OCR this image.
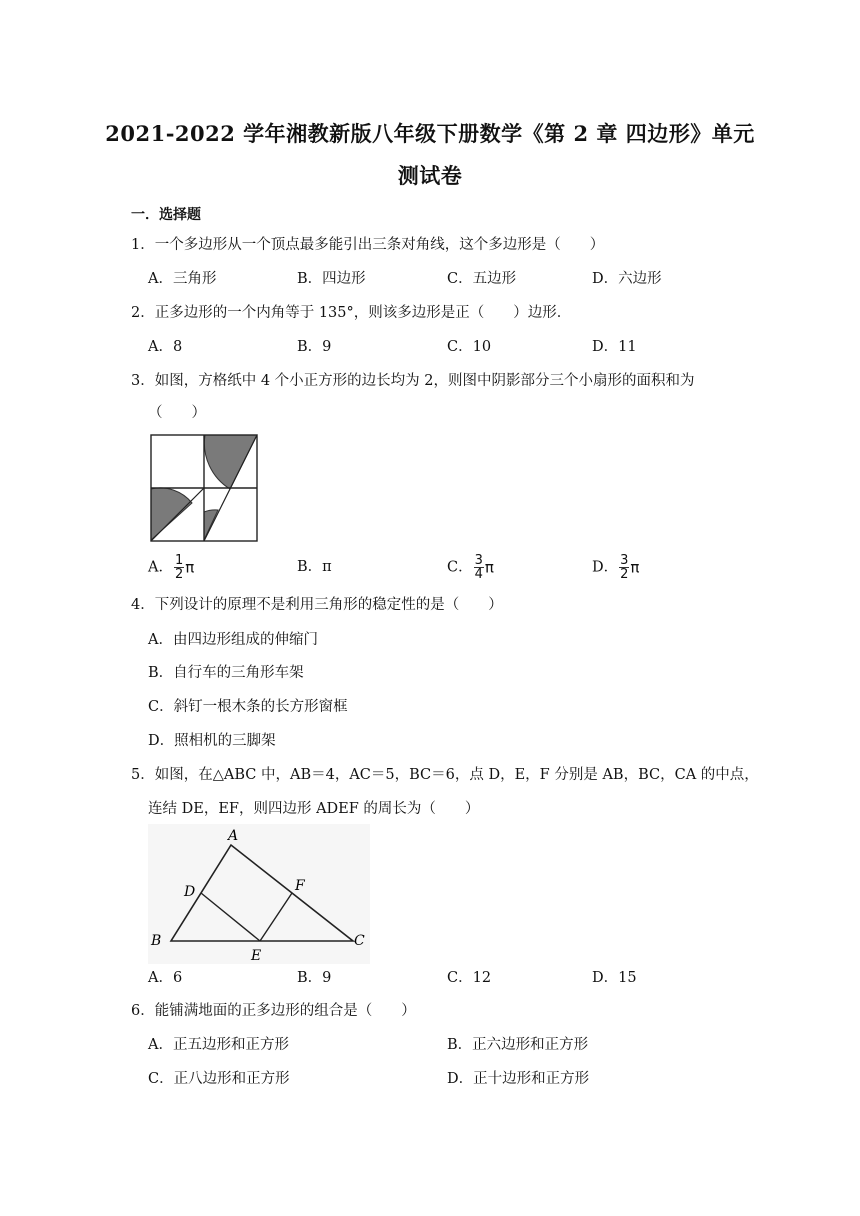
2021-2022 学年湘教新版八年级下册数学《第 2 章 四边形》单元
测试卷
一．选择题
1．一个多边形从一个顶点最多能引出三条对角线，这个多边形是（　　）
A．三角形	B．四边形	C．五边形	D．六边形
2．正多边形的一个内角等于 135°，则该多边形是正（　　）边形．
A．8	B．9	C．10	D．11
3．如图，方格纸中 4 个小正方形的边长均为 2，则图中阴影部分三个小扇形的面积和为
（　　）
A． $\frac{1}{2}$ π	B．π	C． $\frac{3}{4}$ π	D． $\frac{3}{2}$ π
4．下列设计的原理不是利用三角形的稳定性的是（　　）
A．由四边形组成的伸缩门
B．自行车的三角形车架
C．斜钉一根木条的长方形窗框
D．照相机的三脚架
5．如图，在△ABC 中，AB＝4，AC＝5，BC＝6，点 D，E，F 分别是 AB，BC，CA 的中点，
连结 DE，EF，则四边形 ADEF 的周长为（　　）
A
B	C
D
E
F
A．6	B．9	C．12	D．15
6．能铺满地面的正多边形的组合是（　　）
A．正五边形和正方形	B．正六边形和正方形
C．正八边形和正方形	D．正十边形和正方形
